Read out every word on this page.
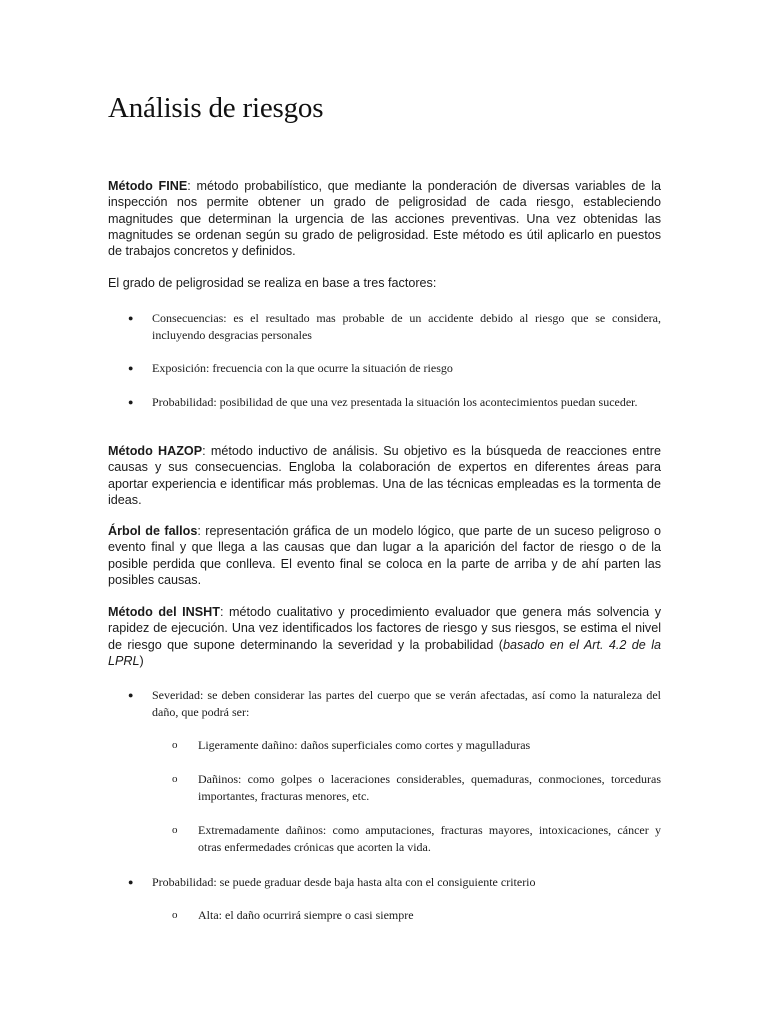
Análisis de riesgos

Método FINE: método probabilístico, que mediante la ponderación de diversas variables de la inspección nos permite obtener un grado de peligrosidad de cada riesgo, estableciendo magnitudes que determinan la urgencia de las acciones preventivas. Una vez obtenidas las magnitudes se ordenan según su grado de peligrosidad. Este método es útil aplicarlo en puestos de trabajos concretos y definidos.

El grado de peligrosidad se realiza en base a tres factores:

● Consecuencias: es el resultado mas probable de un accidente debido al riesgo que se considera, incluyendo desgracias personales
● Exposición: frecuencia con la que ocurre la situación de riesgo
● Probabilidad: posibilidad de que una vez presentada la situación los acontecimientos puedan suceder.

Método HAZOP: método inductivo de análisis. Su objetivo es la búsqueda de reacciones entre causas y sus consecuencias. Engloba la colaboración de expertos en diferentes áreas para aportar experiencia e identificar más problemas. Una de las técnicas empleadas es la tormenta de ideas.

Árbol de fallos: representación gráfica de un modelo lógico, que parte de un suceso peligroso o evento final y que llega a las causas que dan lugar a la aparición del factor de riesgo o de la posible perdida que conlleva. El evento final se coloca en la parte de arriba y de ahí parten las posibles causas.

Método del INSHT: método cualitativo y procedimiento evaluador que genera más solvencia y rapidez de ejecución. Una vez identificados los factores de riesgo y sus riesgos, se estima el nivel de riesgo que supone determinando la severidad y la probabilidad (basado en el Art. 4.2 de la LPRL)

● Severidad: se deben considerar las partes del cuerpo que se verán afectadas, así como la naturaleza del daño, que podrá ser:
o Ligeramente dañino: daños superficiales como cortes y magulladuras
o Dañinos: como golpes o laceraciones considerables, quemaduras, conmociones, torceduras importantes, fracturas menores, etc.
o Extremadamente dañinos: como amputaciones, fracturas mayores, intoxicaciones, cáncer y otras enfermedades crónicas que acorten la vida.
● Probabilidad: se puede graduar desde baja hasta alta con el consiguiente criterio
o Alta: el daño ocurrirá siempre o casi siempre
